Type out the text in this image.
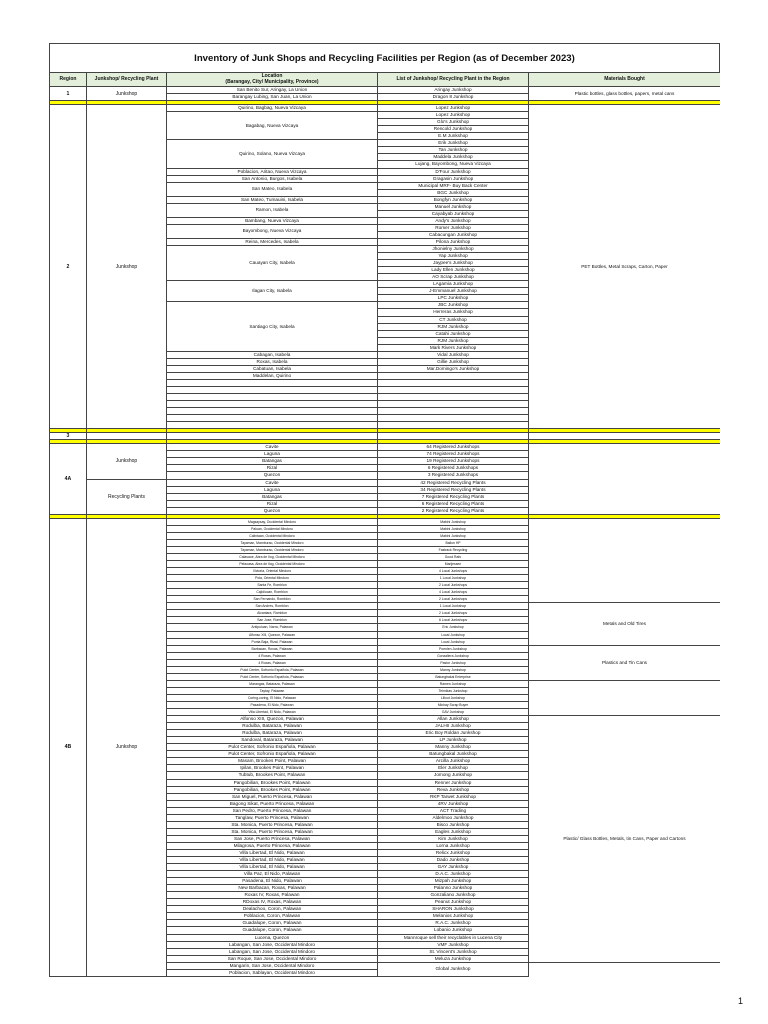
Inventory of Junk Shops and Recycling Facilities per Region (as of December 2023)
Region	Junkshop/ Recycling Plant	Location
(Barangay, City/ Municipality, Province)	List of Junkshop/ Recycling Plant in the Region	Materials Bought	
1	Junkshop	San Benito Sur, Aringay, La Union	Aringay Junkshop	Plastic bottles, glass bottles, papers, metal cans	
		Barangay Lubing, San Juan, La Union	Dragon 8 Junkshop		

2	Junkshop	Quirino, Bagbag, Nueva Vizcaya	Lopez Junkshop	PET Bottles, Metal Scraps, Carton, Paper	
		Bagabag, Nueva Vizcaya	Lopez Junkshop		
			Glo's Junkshop		
			Rencold Junkshop		
			E.M Junkshop		
		Quirino, Solano, Nueva Vizcaya	Erik Junkshop		
			Tan Junkshop		
			Maddela Junkshop		
			Lujang, Bayombong, Nueva Vizcaya	
		Poblacion, Aritao, Nueva Vizcaya	D'Four Junkshop		
		San Antonio, Burgos, Isabela	Gragasin Junkshop		
		San Mateo, Isabela	Municipal MRF- Buy Back Center		
			BGC Junkshop		
		San Mateo, Tumauini, Isabela	Bongfyn Junkshop		
		Ramon, Isabela	Manuel Junkshop		
			Cayabyab Junkshop		
		Bambang, Nueva Vizcaya	Andy's Junkshop		
		Bayombong, Nueva Vizcaya	Romer Junkshop		
			Cabacungan Junkshop		
		Reina, Mercedes, Isabela	Pilona Junkshop		
		Cauayan City, Isabela	Jhonielny Junkshop		
			Yap Junkshop		
			Jaypee's Junkshop		
			Lady Ellen Junkshop		
			AO Scrap Junkshop		
		Ilagan City, Isabela	LAgamia Junkshop		
			J-Emmanuel Junkshop		
			LPC Junkshop		
		Santiago City, Isabela	JBC Junkshop		
			Herreras Junkshop		
			CT Junkshop		
			RJM Junkshop		
			Catahi Junkshop		
			RJM Junkshop		
			Mark Rivers Junkshop		
		Cabagan, Isabela	Vidal Junkshop		
		Roxas, Isabela	Gillie Junkshop		
		Cabatuan, Isabela	Mar.Domingo's Junkshop		
		Maddelan, Quirino			

3					

4A	Junkshop	Cavite	64 Registered Junkshops		
		Laguna	74 Registered Junkshops		
		Batangas	19 Registered Junkshops		
		Rizal	6 Registered Junkshops		
		Quezon	3 Registered Junkshops		
	Recycling Plants	Cavite	42 Registered Recycling Plants		
		Laguna	34 Registered Recycling Plants		
		Batangas	7 Registered Recycling Plants		
		Rizal	6 Registered Recycling Plants		
		Quezon	2 Registered Recycling Plants		

4B	Junkshop	Magsaysay, Occidental Mindoro	Mabini Junkshop		
		Paluan, Occidental Mindoro	Mabini Junkshop		
		Calintaan, Occidental Mindoro	Mabini Junkshop		
		Tayaman, Mamburao, Occidental Mindoro	Ballon HP		
		Tayaman, Mamburao, Occidental Mindoro	Fastrack Recycling		
		Calasaoe, Abra de Ilog, Occidental Mindoro	Good Rafo		
		Pelaoasa, Abra de Ilog, Occidental Mindoro	Marijessen		
		Victoria, Oriental Mindoro	4 Local Junkshops		
		Pola, Oriental Mindoro	1 Local Junkshop		
		Santa Fe, Romblon	2 Local Junkshops		
		Cajidiocan, Romblon	4 Local Junkshops		
		San Fernando, Romblon	2 Local Junkshops		
		San Andres, Romblon	1 Local Junkshop	Metals and Old Tires	
		Alcantara, Romblon	2 Local Junkshops		
		San Jose, Romblon	6 Local Junkshops		
		Antipuluan, Narra, Palawan	Eric Junkshop		
		Alfonso XIII, Quezon, Palawan	Local Junkshop		
		Punta Baja, Rizal, Palawan	Local Junkshop		
		Barbacan, Roxas, Palawan	Poenlen Junkshop	Plastics and Tin Cans	
		4 Roxas, Palawan	Gonzaliera Junkshop		
		4 Roxas, Palawan	Pastor Junkshop		
		Pulot Center, Sofronio Española, Palawan	Manny Junkshop		
		Pulot Center, Sofronio Española, Palawan	Batungbakal Enterprise		
		Marangas, Bataraza, Palawan	Ramen Junkshop		
		Taytay, Palawan	Tehnikas Junkshop		
		Coring-coring, El Nido, Palawan	Lillout Junkshop		
		Pasadena, El Nido, Palawan	Michay Scrap Buyer		
		Villa Libertad, El Nido, Palawan	GAV Junkshop		
		Alfonso XIII, Quezon, Palawan	Allan Junkshop	Plastic/ Glass Bottles, Metals, tin Cans, Paper and Cartons	
		Rodulba, Bataraza, Palawan	JALHII Junkshop		
		Rodulba, Bataraza, Palawan	Eric Boy Roldan Junkshop		
		Sandoval, Bataraza, Palawan	LP Junkshop		
		Pulot Center, Sofronio Española, Palawan	Manny Junkshop		
		Pulot Center, Sofronio Española, Palawan	Batungbakal Junkshop		
		Masam, Brookes Point, Palawan	Arcilla Junkshop		
		Ipilan, Brookes Point, Palawan	Eler Junkshop		
		Tubtub, Brookes Point, Palawan	Jomong Junkshop		
		Pangobilian, Brookes Point, Palawan	Renner Junkshop		
		Pangobilian, Brookes Point, Palawan	Reva Junkshop		
		San Miguel, Puerto Princesa, Palawan	RKP Tarwet Junkshop		
		Bagong Sikat, Puerto Princesa, Palawan	4RV Junkshop		
		San Pedro, Puerto Princesa, Palawan	ACT Trading		
		Tanglaw, Puerto Princesa, Palawan	Aldelmoo Junkshop		
		Sta. Monica, Puerto Princesa, Palawan	Bisco Junkshop		
		Sta. Monica, Puerto Princesa, Palawan	Eagles Junkshop		
		San Jose, Puerto Princesa, Palawan	Kim Junkshop		
		Milagrosa, Puerto Princesa, Palawan	Lorna Junkshop		
		Villa Libertad, El Nido, Palawan	Relicx Junkshop		
		Villa Libertad, El Nido, Palawan	Dado Junkshop		
		Villa Libertad, El Nido, Palawan	GAY Junkshop		
		Villa Paz, El Nido, Palawan	D.A.C. Junkshop		
		Pasadena, El Nido, Palawan	Mizpah Junkshop		
		New Barbacan, Roxas, Palawan	Palanno Junkshop		
		Roxas IV, Roxas, Palawan	Gonzaliano Junkshop		
		RDoxas IV, Roxas, Palawan	Peanut Junkshop		
		Dealachoo, Coron, Palawan	SHARON Junkshop		
		Poblacion, Coron, Palawan	Melanios Junkshop		
		Guadalupe, Coron, Palawan	R.A.C. Junkshop		
		Guadalupe, Coron, Palawan	Lobanio Junkshop		
		Lucena, Quezon	Mannroque sell their recyclables in Lucena City		
		Labangan, San Jose, Occidental Mindoro	VMF Junkshop		
		Labangan, San Jose, Occidental Mindoro	St. Vincent's Junkshop		
		San Roque, San Jose, Occidental Mindoro	Meluza Junkshop		
		Mangarin, San Jose, Occidental Mindoro	Global Junkshop		
		Poblacion, Sablayan, Occidental Mindoro			
1
